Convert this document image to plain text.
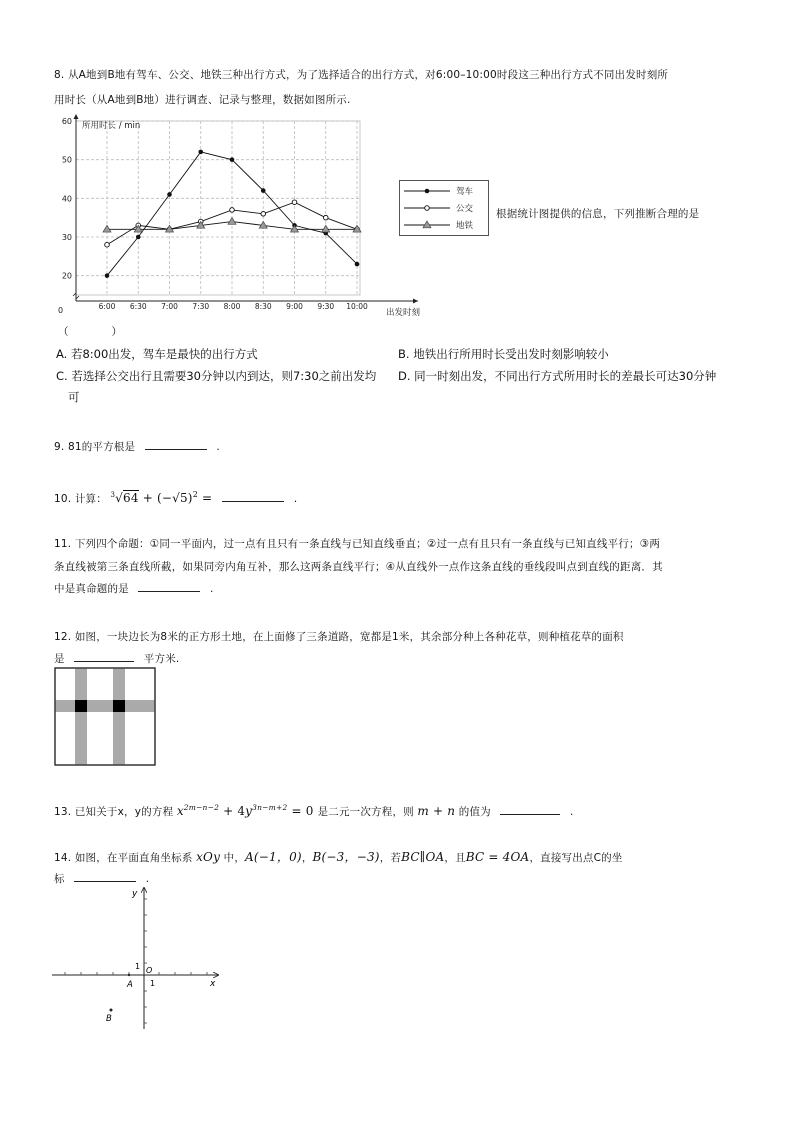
8. 从A地到B地有驾车、公交、地铁三种出行方式，为了选择适合的出行方式，对6:00–10:00时段这三种出行方式不同出发时刻所
用时长（从A地到B地）进行调查、记录与整理，数据如图所示.
20
30
40
50
60
6:00 6:30 7:00 7:30 8:00 8:30 9:00 9:30 10:00
所用时长 / min
出发时刻
0
驾车
公交
地铁
根据统计图提供的信息，下列推断合理的是
（　　　　）
A. 若8:00出发，驾车是最快的出行方式	B. 地铁出行所用时长受出发时刻影响较小
C. 若选择公交出行且需要30分钟以内到达，则7:30之前出发均
可
D. 同一时刻出发，不同出行方式所用时长的差最长可达30分钟
9. 81的平方根是	.
10. 计算： $^3√64 + (-√5)^2$ =	.
11. 下列四个命题：①同一平面内，过一点有且只有一条直线与已知直线垂直；②过一点有且只有一条直线与已知直线平行；③两
条直线被第三条直线所截，如果同旁内角互补，那么这两条直线平行；④从直线外一点作这条直线的垂线段叫点到直线的距离．其
中是真命题的是	.
12. 如图，一块边长为8米的正方形土地，在上面修了三条道路，宽都是1米，其余部分种上各种花草，则种植花草的面积
是	平方米.
13. 已知关于x，y的方程 $x^{2m-n-2} + 4y^{3n-m+2} = 0$ 是二元一次方程，则 m + n 的值为	.
14. 如图，在平面直角坐标系 xOy 中，A(−1，0)，B(−3，−3)，若BC∥OA，且BC = 4OA，直接写出点C的坐
标	.
y
x
1 O
1
A
B
